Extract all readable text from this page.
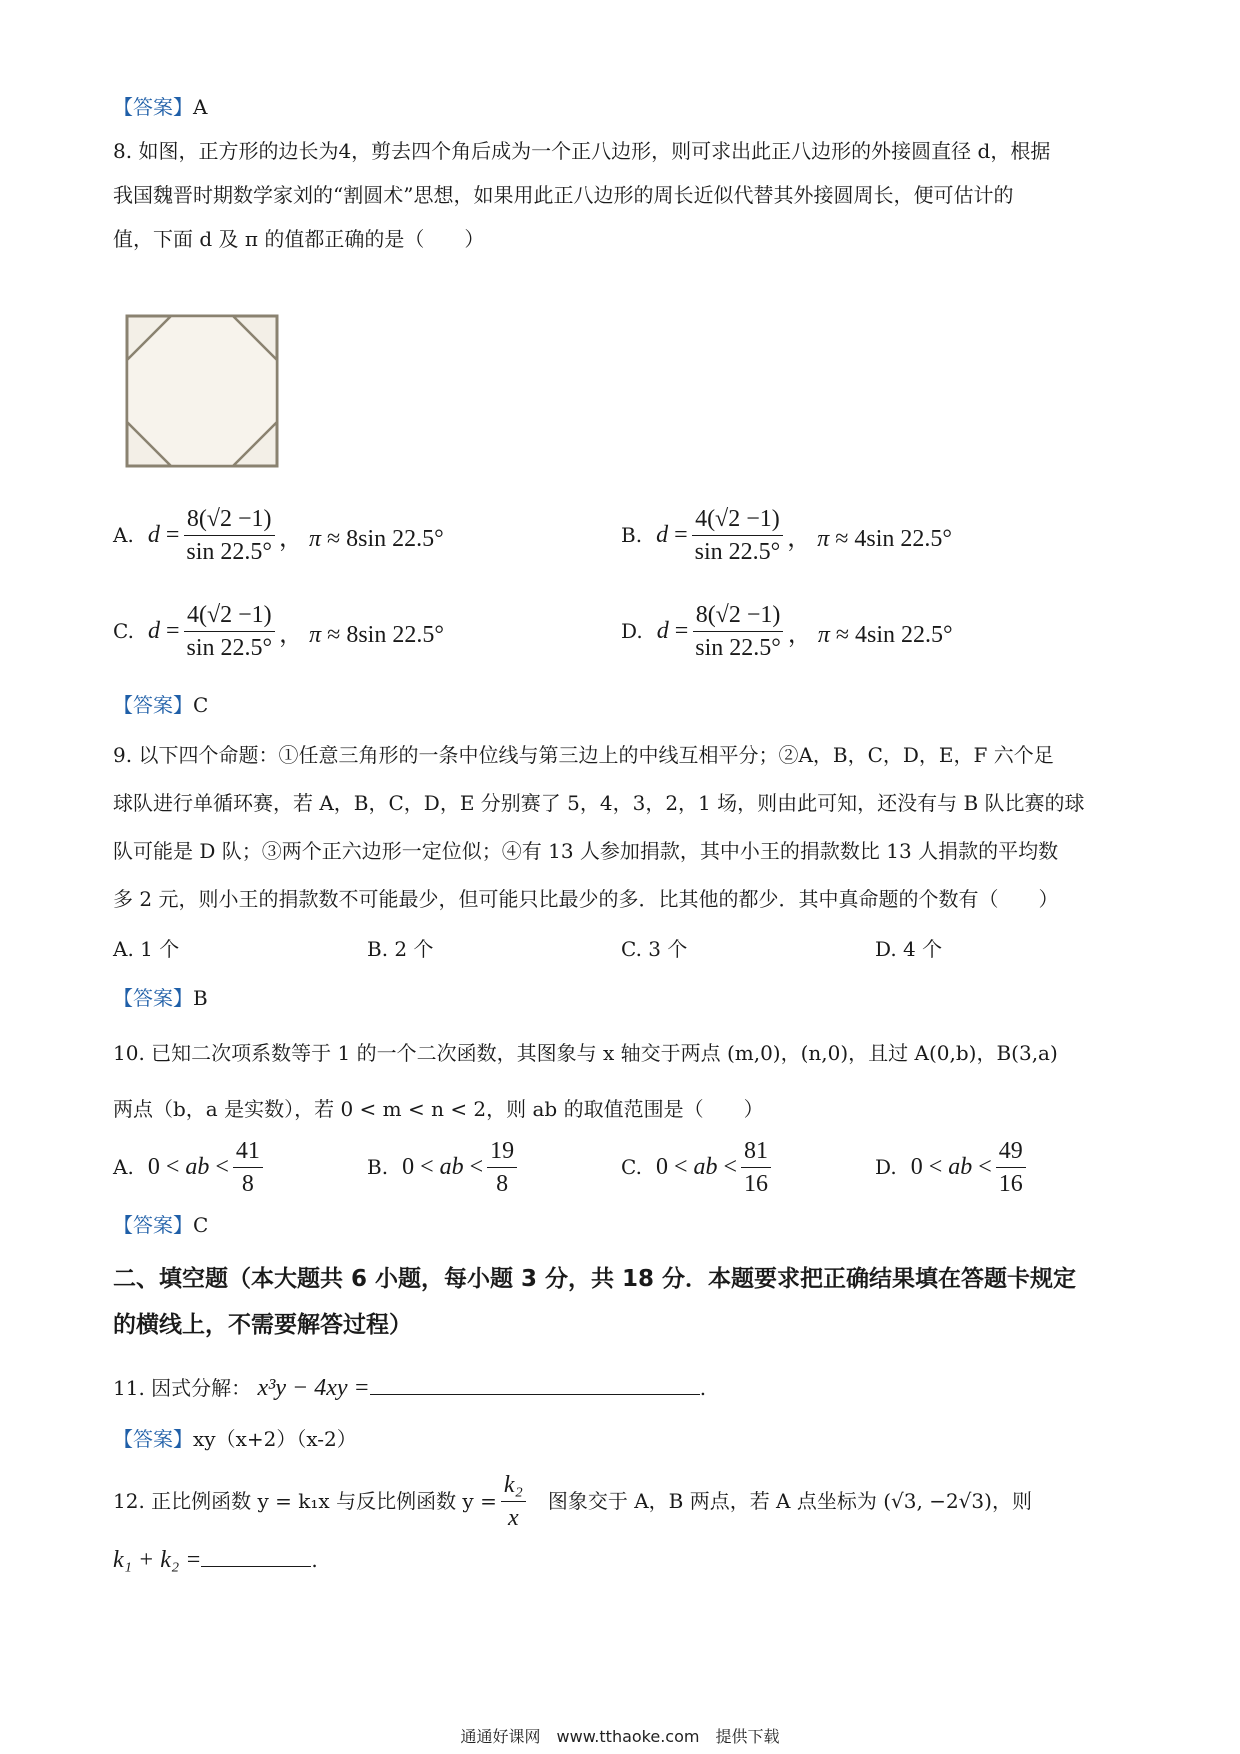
【答案】A
8. 如图，正方形的边长为4，剪去四个角后成为一个正八边形，则可求出此正八边形的外接圆直径 d，根据
我国魏晋时期数学家刘的“割圆术”思想，如果用此正八边形的周长近似代替其外接圆周长，便可估计的
值，下面 d 及 π 的值都正确的是（　　）
A. $d = \frac{8(√2 -1)}{\sin 22.5^\circ}$ ， π ≈ 8sin 22.5°	B. $d = \frac{4(√2 -1)}{\sin 22.5^\circ}$ ， π ≈ 4sin 22.5°
C. $d = \frac{4(√2 -1)}{\sin 22.5^\circ}$ ， π ≈ 8sin 22.5°	D. $d = \frac{8(√2 -1)}{\sin 22.5^\circ}$ ， π ≈ 4sin 22.5°
【答案】C
9. 以下四个命题：①任意三角形的一条中位线与第三边上的中线互相平分；②A，B，C，D，E，F 六个足
球队进行单循环赛，若 A，B，C，D，E 分别赛了 5，4，3，2，1 场，则由此可知，还没有与 B 队比赛的球
队可能是 D 队；③两个正六边形一定位似；④有 13 人参加捐款，其中小王的捐款数比 13 人捐款的平均数
多 2 元，则小王的捐款数不可能最少，但可能只比最少的多．比其他的都少．其中真命题的个数有（　　）
A. 1 个	B. 2 个	C. 3 个	D. 4 个
【答案】B
10. 已知二次项系数等于 1 的一个二次函数，其图象与 x 轴交于两点 (m,0)，(n,0)，且过 A(0,b)，B(3,a)
两点（b，a 是实数），若 0 < m < n < 2，则 ab 的取值范围是（　　）
A. 0 < ab < $\frac{41}{8}$	B. 0 < ab < $\frac{19}{8}$	C. 0 < ab < $\frac{81}{16}$	D. 0 < ab < $\frac{49}{16}$
【答案】C
二、填空题（本大题共 6 小题，每小题 3 分，共 18 分．本题要求把正确结果填在答题卡规定
的横线上，不需要解答过程）
11. 因式分解： x³y − 4xy =	.
【答案】xy（x+2）（x-2）
12. 正比例函数 y = k₁x 与反比例函数 $y = \frac{\text{k₂}}{x}$ 图象交于 A，B 两点，若 A 点坐标为 (√3, −2√3)，则
k₁ + k₂ =	.
通通好课网　www.tthaoke.com　提供下载
